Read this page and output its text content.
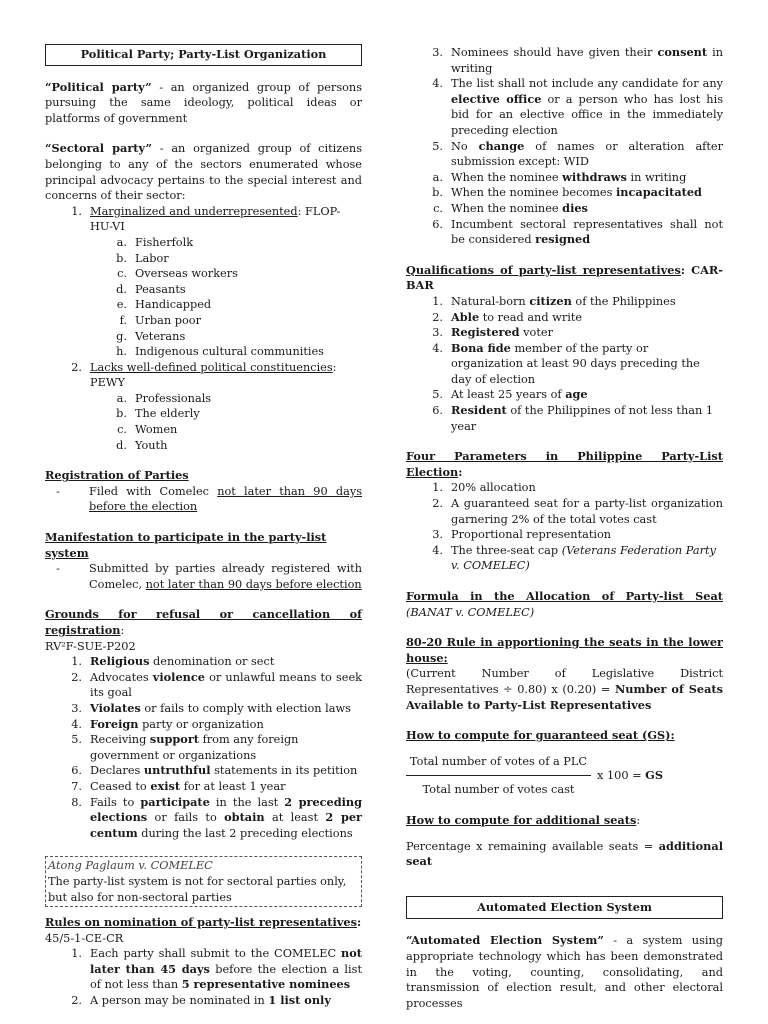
Political Party; Party-List Organization

“Political party” - an organized group of persons pursuing the same ideology, political ideas or platforms of government

“Sectoral party” - an organized group of citizens belonging to any of the sectors enumerated whose principal advocacy pertains to the special interest and concerns of their sector:

1. Marginalized and underrepresented: FLOP-HU-VI
a. Fisherfolk
b. Labor
c. Overseas workers
d. Peasants
e. Handicapped
f. Urban poor
g. Veterans
h. Indigenous cultural communities
2. Lacks well-defined political constituencies: PEWY
a. Professionals
b. The elderly
c. Women
d. Youth

Registration of Parties

-	Filed with Comelec not later than 90 days before the election

Manifestation to participate in the party-list system

-	Submitted by parties already registered with Comelec, not later than 90 days before election

Grounds for refusal or cancellation of registration:

RV²F-SUE-P202

1. Religious denomination or sect
2. Advocates violence or unlawful means to seek its goal
3. Violates or fails to comply with election laws
4. Foreign party or organization
5. Receiving support from any foreign government or organizations
6. Declares untruthful statements in its petition
7. Ceased to exist for at least 1 year
8. Fails to participate in the last 2 preceding elections or fails to obtain at least 2 per centum during the last 2 preceding elections
Atong Paglaum v. COMELEC
The party-list system is not for sectoral parties only, but also for non-sectoral parties

Rules on nomination of party-list representatives:

45/5-1-CE-CR

1. Each party shall submit to the COMELEC not later than 45 days before the election a list of not less than 5 representative nominees
2. A person may be nominated in 1 list only
3. Nominees should have given their consent in writing
4. The list shall not include any candidate for any elective office or a person who has lost his bid for an elective office in the immediately preceding election
5. No change of names or alteration after submission except: WID
a. When the nominee withdraws in writing
b. When the nominee becomes incapacitated
c. When the nominee dies
6. Incumbent sectoral representatives shall not be considered resigned

Qualifications of party-list representatives: CAR-BAR

1. Natural-born citizen of the Philippines
2. Able to read and write
3. Registered voter
4. Bona fide member of the party or organization at least 90 days preceding the day of election
5. At least 25 years of age
6. Resident of the Philippines of not less than 1 year

Four Parameters in Philippine Party-List Election:

1. 20% allocation
2. A guaranteed seat for a party-list organization garnering 2% of the total votes cast
3. Proportional representation
4. The three-seat cap (Veterans Federation Party v. COMELEC)

Formula in the Allocation of Party-list Seat (BANAT v. COMELEC)

80-20 Rule in apportioning the seats in the lower house:

(Current Number of Legislative District Representatives ÷ 0.80) x (0.20) = Number of Seats Available to Party-List Representatives

How to compute for guaranteed seat (GS):

Total number of votes of a PLC
Total number of votes cast
x 100 = GS

How to compute for additional seats:

Percentage x remaining available seats = additional seat

Automated Election System

“Automated Election System” - a system using appropriate technology which has been demonstrated in the voting, counting, consolidating, and transmission of election result, and other electoral processes
